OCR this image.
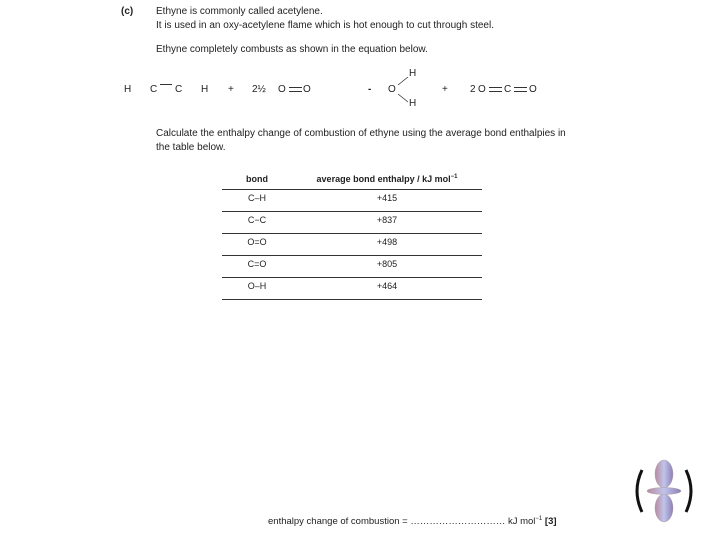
(c) Ethyne is commonly called acetylene.
It is used in an oxy-acetylene flame which is hot enough to cut through steel.
Ethyne completely combusts as shown in the equation below.
H C C H + 2½ O O	- O
H
H
+ 2 O C O
Calculate the enthalpy change of combustion of ethyne using the average bond enthalpies in
the table below.
bond	average bond enthalpy / kJ mol$^{-1}$
C–H	+415
C−C	+837
O=O	+498
C=O	+805
O–H	+464
enthalpy change of combustion = ………………………… kJ mol$^{-1}$ [3]
